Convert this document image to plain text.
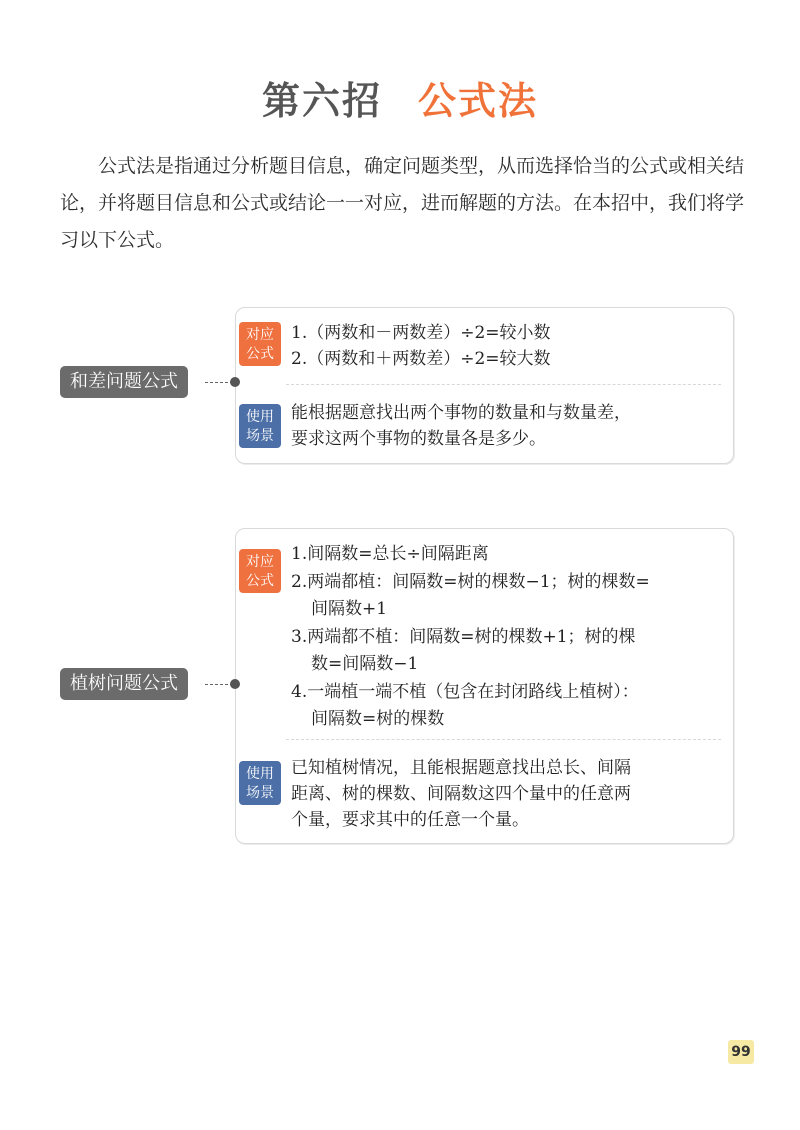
第六招 公式法
公式法是指通过分析题目信息，确定问题类型，从而选择恰当的公式或相关结论，并将题目信息和公式或结论一一对应，进而解题的方法。在本招中，我们将学习以下公式。
对应
公式
1.（两数和－两数差）÷2=较小数
2.（两数和＋两数差）÷2=较大数
使用
场景
能根据题意找出两个事物的数量和与数量差，
要求这两个事物的数量各是多少。
和差问题公式
对应
公式
1.间隔数=总长÷间隔距离
2.两端都植：间隔数=树的棵数−1；树的棵数=
间隔数+1
3.两端都不植：间隔数=树的棵数+1；树的棵
数=间隔数−1
4.一端植一端不植（包含在封闭路线上植树）：
间隔数=树的棵数
使用
场景
已知植树情况，且能根据题意找出总长、间隔
距离、树的棵数、间隔数这四个量中的任意两
个量，要求其中的任意一个量。
植树问题公式
99
